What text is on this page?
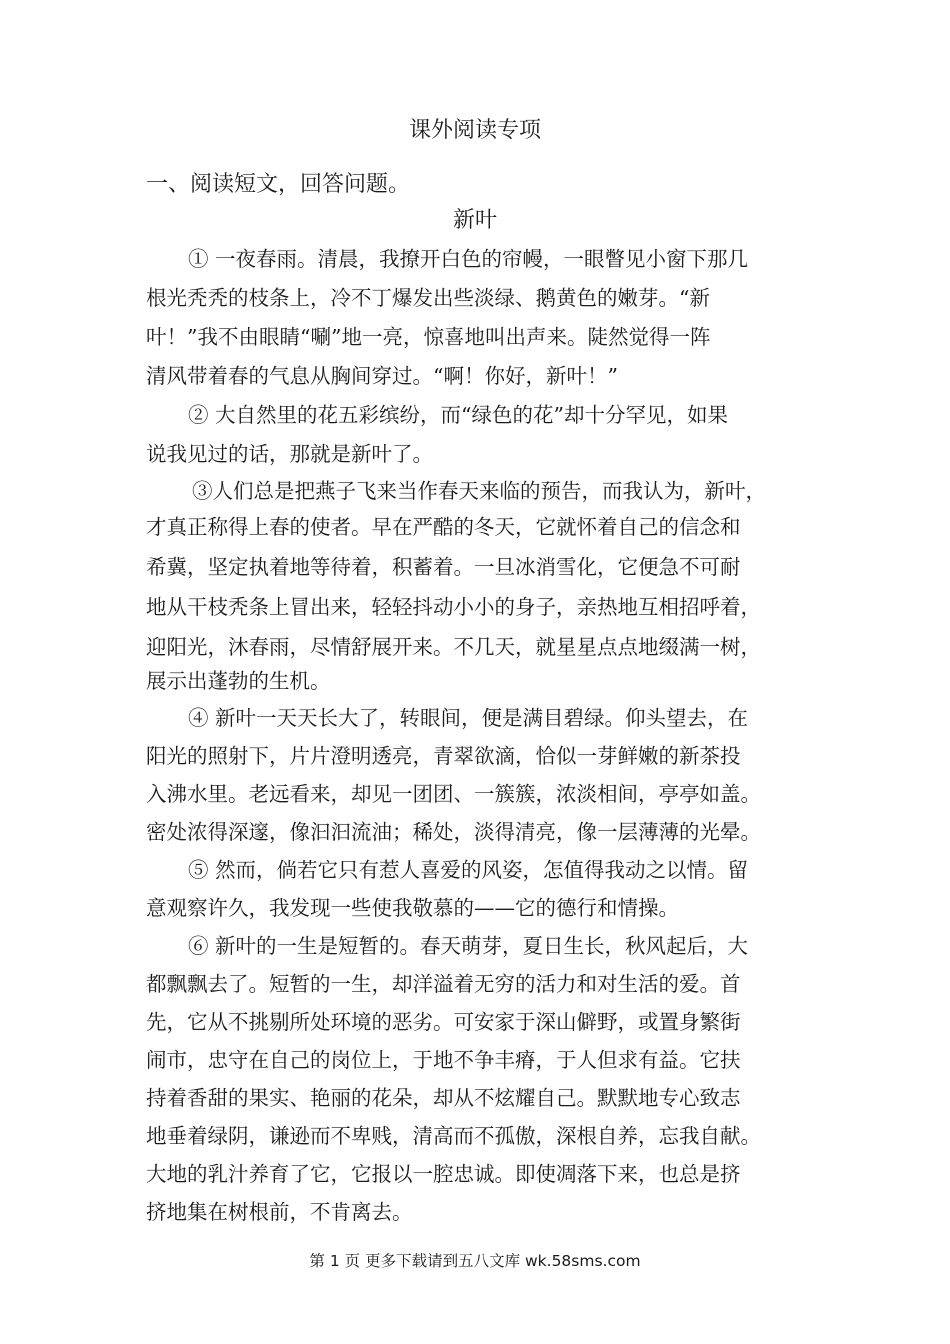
课外阅读专项
一、阅读短文，回答问题。
新叶
① 一夜春雨。清晨，我撩开白色的帘幔，一眼瞥见小窗下那几
根光秃秃的枝条上，冷不丁爆发出些淡绿、鹅黄色的嫩芽。“新
叶！”我不由眼睛“唰”地一亮，惊喜地叫出声来。陡然觉得一阵
清风带着春的气息从胸间穿过。“啊！你好，新叶！”
② 大自然里的花五彩缤纷，而“绿色的花”却十分罕见，如果
说我见过的话，那就是新叶了。
③人们总是把燕子飞来当作春天来临的预告，而我认为，新叶，
才真正称得上春的使者。早在严酷的冬天，它就怀着自己的信念和
希冀，坚定执着地等待着，积蓄着。一旦冰消雪化，它便急不可耐
地从干枝秃条上冒出来，轻轻抖动小小的身子，亲热地互相招呼着，
迎阳光，沐春雨，尽情舒展开来。不几天，就星星点点地缀满一树，
展示出蓬勃的生机。
④ 新叶一天天长大了，转眼间，便是满目碧绿。仰头望去，在
阳光的照射下，片片澄明透亮，青翠欲滴，恰似一芽鲜嫩的新茶投
入沸水里。老远看来，却见一团团、一簇簇，浓淡相间，亭亭如盖。
密处浓得深邃，像汩汩流油；稀处，淡得清亮，像一层薄薄的光晕。
⑤ 然而，倘若它只有惹人喜爱的风姿，怎值得我动之以情。留
意观察许久，我发现一些使我敬慕的——它的德行和情操。
⑥ 新叶的一生是短暂的。春天萌芽，夏日生长，秋风起后，大
都飘飘去了。短暂的一生，却洋溢着无穷的活力和对生活的爱。首
先，它从不挑剔所处环境的恶劣。可安家于深山僻野，或置身繁街
闹市，忠守在自己的岗位上，于地不争丰瘠，于人但求有益。它扶
持着香甜的果实、艳丽的花朵，却从不炫耀自己。默默地专心致志
地垂着绿阴，谦逊而不卑贱，清高而不孤傲，深根自养，忘我自献。
大地的乳汁养育了它，它报以一腔忠诚。即使凋落下来，也总是挤
挤地集在树根前，不肯离去。
第 1 页 更多下载请到五八文库 wk.58sms.com
